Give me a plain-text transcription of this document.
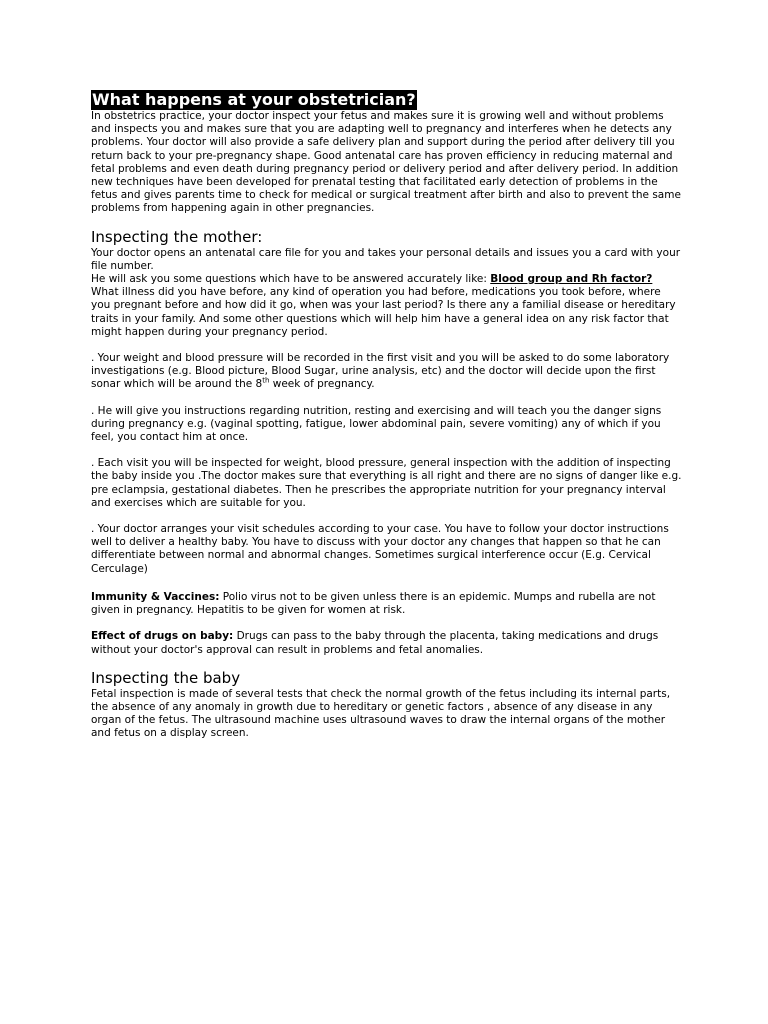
What happens at your obstetrician?

In obstetrics practice, your doctor inspect your fetus and makes sure it is growing well and without problems and inspects you and makes sure that you are adapting well to pregnancy and interferes when he detects any problems. Your doctor will also provide a safe delivery plan and support during the period after delivery till you return back to your pre-pregnancy shape. Good antenatal care has proven efficiency in reducing maternal and fetal problems and even death during pregnancy period or delivery period and after delivery period. In addition new techniques have been developed for prenatal testing that facilitated early detection of problems in the fetus and gives parents time to check for medical or surgical treatment after birth and also to prevent the same problems from happening again in other pregnancies.

Inspecting the mother:

Your doctor opens an antenatal care file for you and takes your personal details and issues you a card with your file number.

He will ask you some questions which have to be answered accurately like: Blood group and Rh factor? What illness did you have before, any kind of operation you had before, medications you took before, where you pregnant before and how did it go, when was your last period? Is there any a familial disease or hereditary traits in your family. And some other questions which will help him have a general idea on any risk factor that might happen during your pregnancy period.

. Your weight and blood pressure will be recorded in the first visit and you will be asked to do some laboratory investigations (e.g. Blood picture, Blood Sugar, urine analysis, etc) and the doctor will decide upon the first sonar which will be around the 8th week of pregnancy.

. He will give you instructions regarding nutrition, resting and exercising and will teach you the danger signs during pregnancy e.g. (vaginal spotting, fatigue, lower abdominal pain, severe vomiting) any of which if you feel, you contact him at once.

. Each visit you will be inspected for weight, blood pressure, general inspection with the addition of inspecting the baby inside you .The doctor makes sure that everything is all right and there are no signs of danger like e.g. pre eclampsia, gestational diabetes. Then he prescribes the appropriate nutrition for your pregnancy interval and exercises which are suitable for you.

. Your doctor arranges your visit schedules according to your case. You have to follow your doctor instructions well to deliver a healthy baby. You have to discuss with your doctor any changes that happen so that he can differentiate between normal and abnormal changes. Sometimes surgical interference occur (E.g. Cervical Cerculage)

Immunity & Vaccines: Polio virus not to be given unless there is an epidemic. Mumps and rubella are not given in pregnancy. Hepatitis to be given for women at risk.

Effect of drugs on baby: Drugs can pass to the baby through the placenta, taking medications and drugs without your doctor's approval can result in problems and fetal anomalies.

Inspecting the baby

Fetal inspection is made of several tests that check the normal growth of the fetus including its internal parts, the absence of any anomaly in growth due to hereditary or genetic factors , absence of any disease in any organ of the fetus. The ultrasound machine uses ultrasound waves to draw the internal organs of the mother and fetus on a display screen.
